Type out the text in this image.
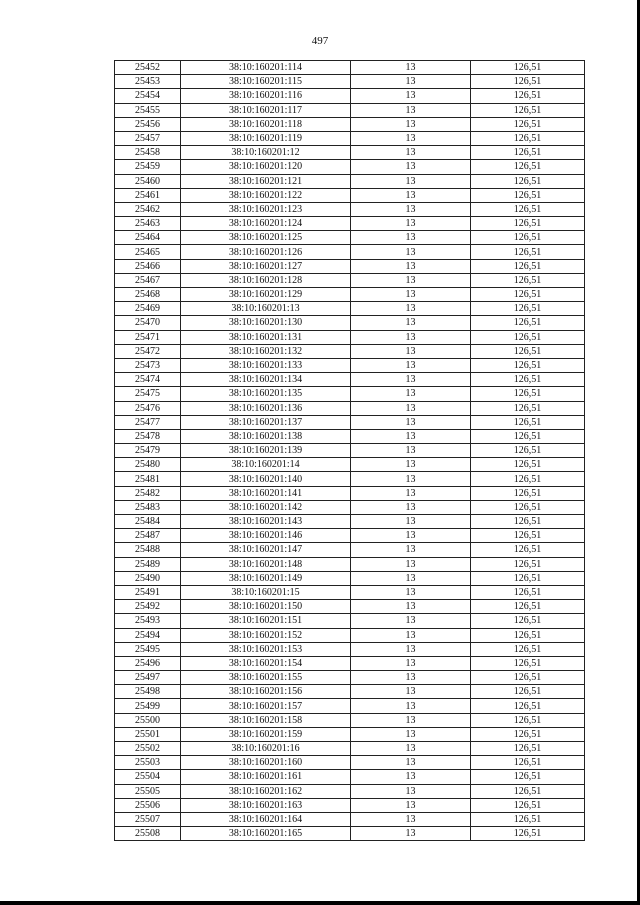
497
25452	38:10:160201:114	13	126,51
25453	38:10:160201:115	13	126,51
25454	38:10:160201:116	13	126,51
25455	38:10:160201:117	13	126,51
25456	38:10:160201:118	13	126,51
25457	38:10:160201:119	13	126,51
25458	38:10:160201:12	13	126,51
25459	38:10:160201:120	13	126,51
25460	38:10:160201:121	13	126,51
25461	38:10:160201:122	13	126,51
25462	38:10:160201:123	13	126,51
25463	38:10:160201:124	13	126,51
25464	38:10:160201:125	13	126,51
25465	38:10:160201:126	13	126,51
25466	38:10:160201:127	13	126,51
25467	38:10:160201:128	13	126,51
25468	38:10:160201:129	13	126,51
25469	38:10:160201:13	13	126,51
25470	38:10:160201:130	13	126,51
25471	38:10:160201:131	13	126,51
25472	38:10:160201:132	13	126,51
25473	38:10:160201:133	13	126,51
25474	38:10:160201:134	13	126,51
25475	38:10:160201:135	13	126,51
25476	38:10:160201:136	13	126,51
25477	38:10:160201:137	13	126,51
25478	38:10:160201:138	13	126,51
25479	38:10:160201:139	13	126,51
25480	38:10:160201:14	13	126,51
25481	38:10:160201:140	13	126,51
25482	38:10:160201:141	13	126,51
25483	38:10:160201:142	13	126,51
25484	38:10:160201:143	13	126,51
25487	38:10:160201:146	13	126,51
25488	38:10:160201:147	13	126,51
25489	38:10:160201:148	13	126,51
25490	38:10:160201:149	13	126,51
25491	38:10:160201:15	13	126,51
25492	38:10:160201:150	13	126,51
25493	38:10:160201:151	13	126,51
25494	38:10:160201:152	13	126,51
25495	38:10:160201:153	13	126,51
25496	38:10:160201:154	13	126,51
25497	38:10:160201:155	13	126,51
25498	38:10:160201:156	13	126,51
25499	38:10:160201:157	13	126,51
25500	38:10:160201:158	13	126,51
25501	38:10:160201:159	13	126,51
25502	38:10:160201:16	13	126,51
25503	38:10:160201:160	13	126,51
25504	38:10:160201:161	13	126,51
25505	38:10:160201:162	13	126,51
25506	38:10:160201:163	13	126,51
25507	38:10:160201:164	13	126,51
25508	38:10:160201:165	13	126,51
